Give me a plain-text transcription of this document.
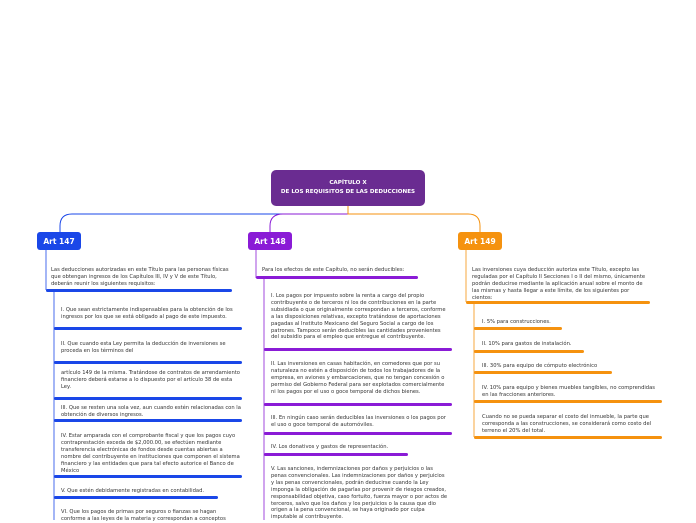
CAPÍTULO X
DE LOS REQUISITOS DE LAS DEDUCCIONES
Art 147
Las deducciones autorizadas en este Título para las personas físicas que obtengan ingresos de los Capítulos III, IV y V de este Título, deberán reunir los siguientes requisitos:
I. Que sean estrictamente indispensables para la obtención de los ingresos por los que se está obligado al pago de este impuesto.
II. Que cuando esta Ley permita la deducción de inversiones se proceda en los términos del
artículo 149 de la misma. Tratándose de contratos de arrendamiento financiero deberá estarse a lo dispuesto por el artículo 38 de esta Ley.
III. Que se resten una sola vez, aun cuando estén relacionadas con la obtención de diversos ingresos.
IV. Estar amparada con el comprobante fiscal y que los pagos cuyo contraprestación exceda de $2,000.00, se efectúen mediante transferencia electrónicas de fondos desde cuentas abiertas a nombre del contribuyente en instituciones que componen el sistema financiero y las entidades que para tal efecto autorice el Banco de México
V. Que estén debidamente registradas en contabilidad.
VI. Que los pagos de primas por seguros o fianzas se hagan conforme a las leyes de la materia y correspondan a conceptos
Art 148
Para los efectos de este Capítulo, no serán deducibles:
I. Los pagos por impuesto sobre la renta a cargo del propio contribuyente o de terceros ni los de contribuciones en la parte subsidiada o que originalmente correspondan a terceros, conforme a las disposiciones relativas, excepto tratándose de aportaciones pagadas al Instituto Mexicano del Seguro Social a cargo de los patrones. Tampoco serán deducibles las cantidades provenientes del subsidio para el empleo que entregue el contribuyente.
II. Las inversiones en casas habitación, en comedores que por su naturaleza no estén a disposición de todos los trabajadores de la empresa, en aviones y embarcaciones, que no tengan concesión o permiso del Gobierno Federal para ser explotados comercialmente ni los pagos por el uso o goce temporal de dichos bienes.
III. En ningún caso serán deducibles las inversiones o los pagos por el uso o goce temporal de automóviles.
IV. Los donativos y gastos de representación.
V. Las sanciones, indemnizaciones por daños y perjuicios o las penas convencionales. Las indemnizaciones por daños y perjuicios y las penas convencionales, podrán deducirse cuando la Ley imponga la obligación de pagarlas por provenir de riesgos creados, responsabilidad objetiva, caso fortuito, fuerza mayor o por actos de terceros, salvo que los daños y los perjuicios o la causa que dio origen a la pena convencional, se haya originado por culpa imputable al contribuyente.
Art 149
Las inversiones cuya deducción autoriza este Título, excepto las reguladas por el Capítulo II Secciones I o II del mismo, únicamente podrán deducirse mediante la aplicación anual sobre el monto de las mismas y hasta llegar a este límite, de los siguientes por cientos:
I. 5% para construcciones.
II. 10% para gastos de instalación.
III. 30% para equipo de cómputo electrónico
IV. 10% para equipo y bienes muebles tangibles, no comprendidas en las fracciones anteriores.
Cuando no se pueda separar el costo del inmueble, la parte que corresponda a las construcciones, se considerará como costo del terreno el 20% del total.
